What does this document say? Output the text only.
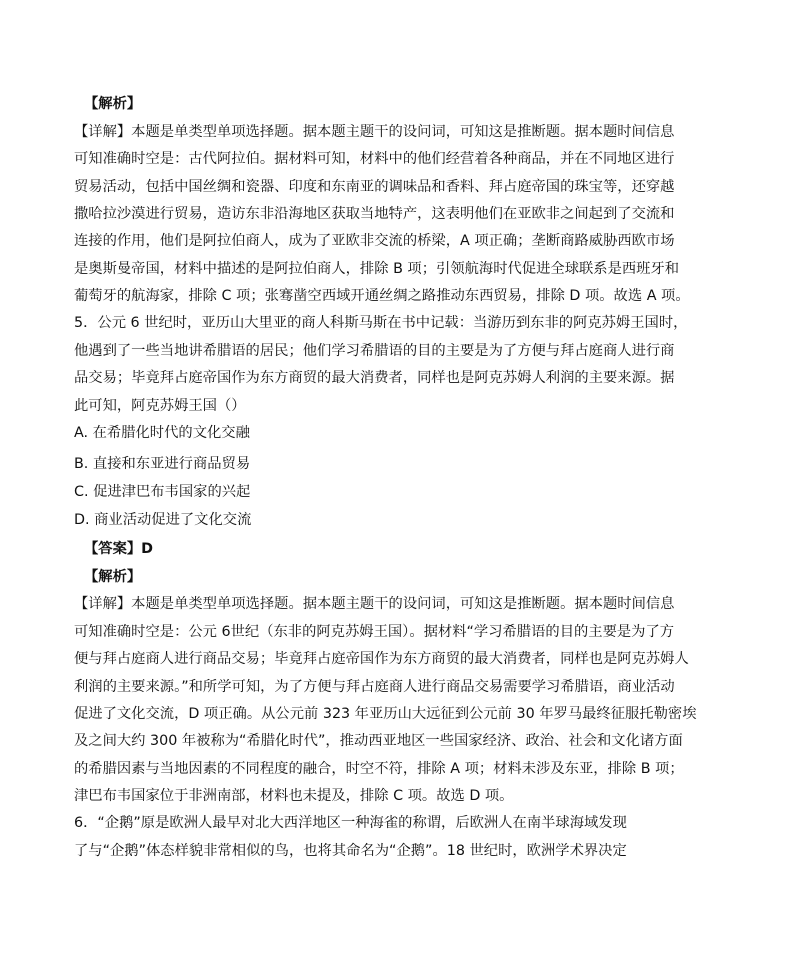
【解析】
【详解】本题是单类型单项选择题。据本题主题干的设问词，可知这是推断题。据本题时间信息
可知准确时空是：古代阿拉伯。据材料可知，材料中的他们经营着各种商品，并在不同地区进行
贸易活动，包括中国丝绸和瓷器、印度和东南亚的调味品和香料、拜占庭帝国的珠宝等，还穿越
撒哈拉沙漠进行贸易，造访东非沿海地区获取当地特产，这表明他们在亚欧非之间起到了交流和
连接的作用，他们是阿拉伯商人，成为了亚欧非交流的桥梁，A 项正确；垄断商路威胁西欧市场
是奥斯曼帝国，材料中描述的是阿拉伯商人，排除 B 项；引领航海时代促进全球联系是西班牙和
葡萄牙的航海家，排除 C 项；张骞凿空西域开通丝绸之路推动东西贸易，排除 D 项。故选 A 项。
5．公元 6 世纪时，亚历山大里亚的商人科斯马斯在书中记载：当游历到东非的阿克苏姆王国时，
他遇到了一些当地讲希腊语的居民；他们学习希腊语的目的主要是为了方便与拜占庭商人进行商
品交易；毕竟拜占庭帝国作为东方商贸的最大消费者，同样也是阿克苏姆人利润的主要来源。据
此可知，阿克苏姆王国（）
A. 在希腊化时代的文化交融
B. 直接和东亚进行商品贸易
C. 促进津巴布韦国家的兴起
D. 商业活动促进了文化交流
【答案】D
【解析】
【详解】本题是单类型单项选择题。据本题主题干的设问词，可知这是推断题。据本题时间信息
可知准确时空是：公元 6世纪（东非的阿克苏姆王国）。据材料“学习希腊语的目的主要是为了方
便与拜占庭商人进行商品交易；毕竟拜占庭帝国作为东方商贸的最大消费者，同样也是阿克苏姆人
利润的主要来源。”和所学可知，为了方便与拜占庭商人进行商品交易需要学习希腊语，商业活动
促进了文化交流，D 项正确。从公元前 323 年亚历山大远征到公元前 30 年罗马最终征服托勒密埃
及之间大约 300 年被称为“希腊化时代”，推动西亚地区一些国家经济、政治、社会和文化诸方面
的希腊因素与当地因素的不同程度的融合，时空不符，排除 A 项；材料未涉及东亚，排除 B 项；
津巴布韦国家位于非洲南部，材料也未提及，排除 C 项。故选 D 项。
6．“企鹅”原是欧洲人最早对北大西洋地区一种海雀的称谓，后欧洲人在南半球海域发现
了与“企鹅”体态样貌非常相似的鸟，也将其命名为“企鹅”。18 世纪时，欧洲学术界决定
